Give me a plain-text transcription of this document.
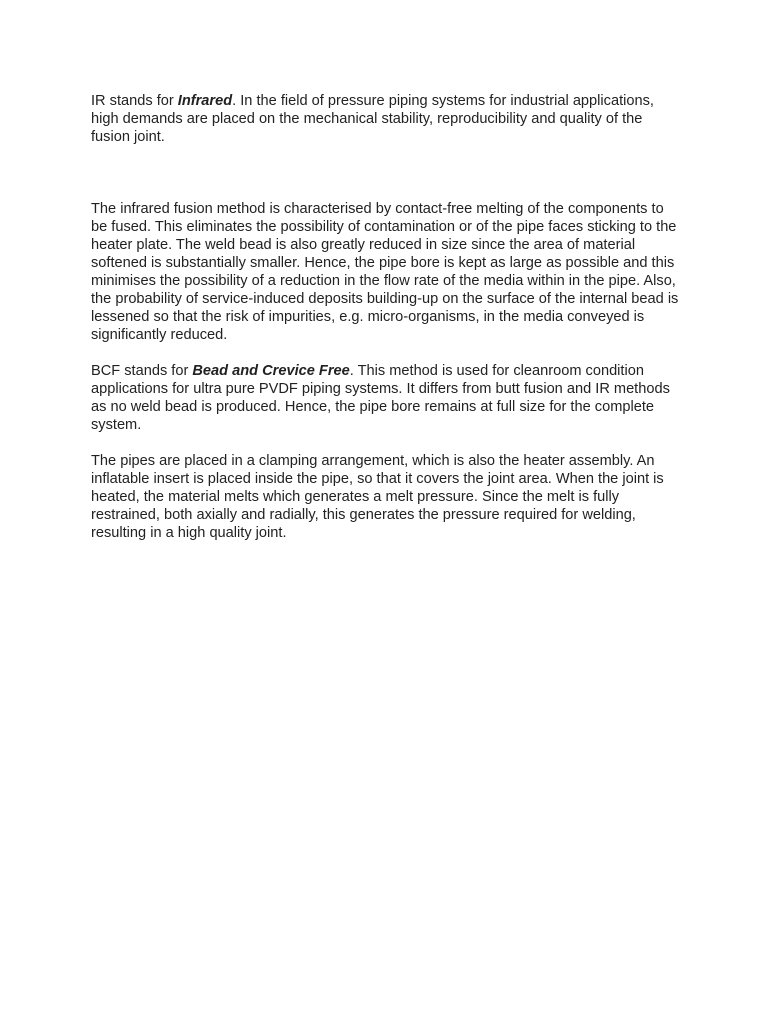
IR stands for Infrared. In the field of pressure piping systems for industrial applications, high demands are placed on the mechanical stability, reproducibility and quality of the fusion joint.

The infrared fusion method is characterised by contact-free melting of the components to be fused. This eliminates the possibility of contamination or of the pipe faces sticking to the heater plate. The weld bead is also greatly reduced in size since the area of material softened is substantially smaller. Hence, the pipe bore is kept as large as possible and this minimises the possibility of a reduction in the flow rate of the media within in the pipe. Also, the probability of service-induced deposits building-up on the surface of the internal bead is lessened so that the risk of impurities, e.g. micro-organisms, in the media conveyed is significantly reduced.

BCF stands for Bead and Crevice Free. This method is used for cleanroom condition applications for ultra pure PVDF piping systems. It differs from butt fusion and IR methods as no weld bead is produced. Hence, the pipe bore remains at full size for the complete system.

The pipes are placed in a clamping arrangement, which is also the heater assembly. An inflatable insert is placed inside the pipe, so that it covers the joint area. When the joint is heated, the material melts which generates a melt pressure. Since the melt is fully restrained, both axially and radially, this generates the pressure required for welding, resulting in a high quality joint.
